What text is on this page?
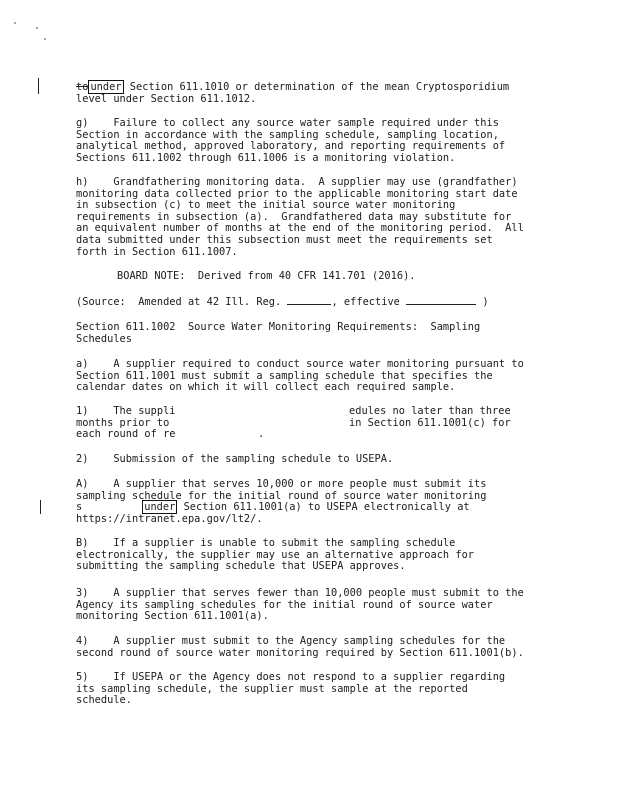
to under Section 611.1010 or determination of the mean Cryptosporidium
level under Section 611.1012.
g)    Failure to collect any source water sample required under this
Section in accordance with the sampling schedule, sampling location,
analytical method, approved laboratory, and reporting requirements of
Sections 611.1002 through 611.1006 is a monitoring violation.
h)    Grandfathering monitoring data.  A supplier may use (grandfather)
monitoring data collected prior to the applicable monitoring start date
in subsection (c) to meet the initial source water monitoring
requirements in subsection (a).  Grandfathered data may substitute for
an equivalent number of months at the end of the monitoring period.  All
data submitted under this subsection must meet the requirements set
forth in Section 611.1007.
BOARD NOTE:  Derived from 40 CFR 141.701 (2016).
(Source:  Amended at 42 Ill. Reg.	, effective	)
Section 611.1002  Source Water Monitoring Requirements:  Sampling
Schedules
a)    A supplier required to conduct source water monitoring pursuant to
Section 611.1001 must submit a sampling schedule that specifies the
calendar dates on which it will collect each required sample.
1)    The suppli
months prior to
each round of re
edules no later than three
in Section 611.1001(c) for

.
2)    Submission of the sampling schedule to USEPA.
A)    A supplier that serves 10,000 or more people must submit its
sampling schedule for the initial round of source water monitoring
s	under Section 611.1001(a) to USEPA electronically at
https://intranet.epa.gov/lt2/.
B)    If a supplier is unable to submit the sampling schedule
electronically, the supplier may use an alternative approach for
submitting the sampling schedule that USEPA approves.
3)    A supplier that serves fewer than 10,000 people must submit to the
Agency its sampling schedules for the initial round of source water
monitoring Section 611.1001(a).
4)    A supplier must submit to the Agency sampling schedules for the
second round of source water monitoring required by Section 611.1001(b).
5)    If USEPA or the Agency does not respond to a supplier regarding
its sampling schedule, the supplier must sample at the reported
schedule.
